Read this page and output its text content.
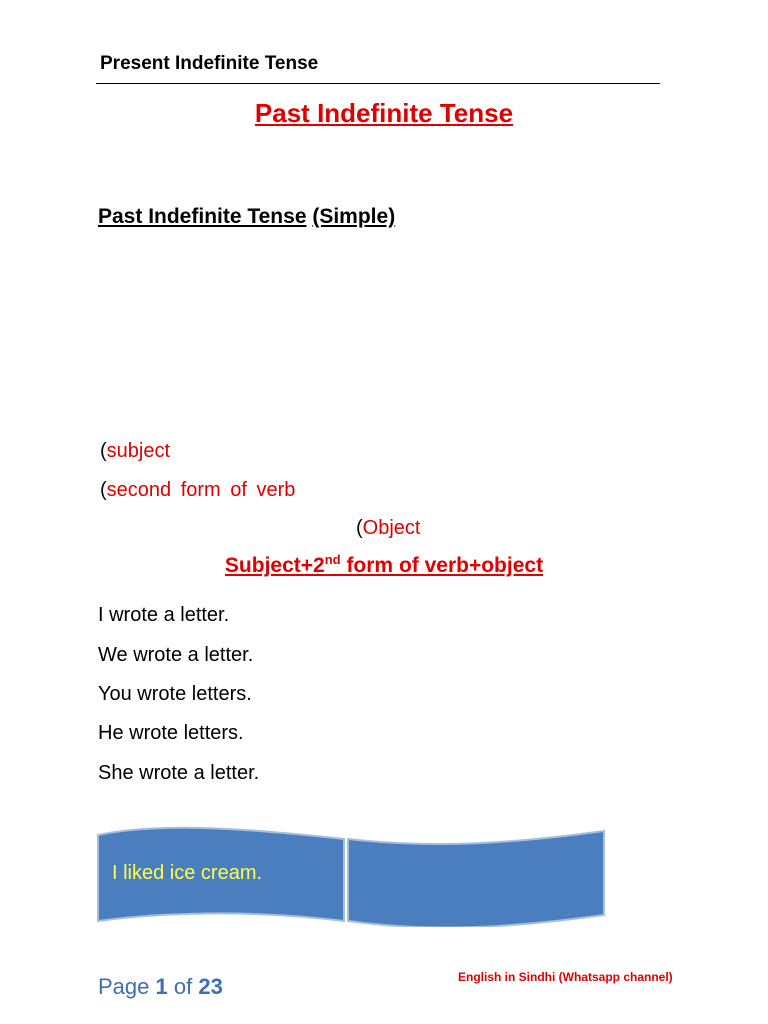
Present Indefinite Tense
Past Indefinite Tense
Past Indefinite Tense (Simple)
(subject
(second form of verb
(Object
Subject+2nd form of verb+object
I wrote a letter.
We wrote a letter.
You wrote letters.
He wrote letters.
She wrote a letter.
I liked ice cream.
Page 1 of 23	English in Sindhi (Whatsapp channel)
